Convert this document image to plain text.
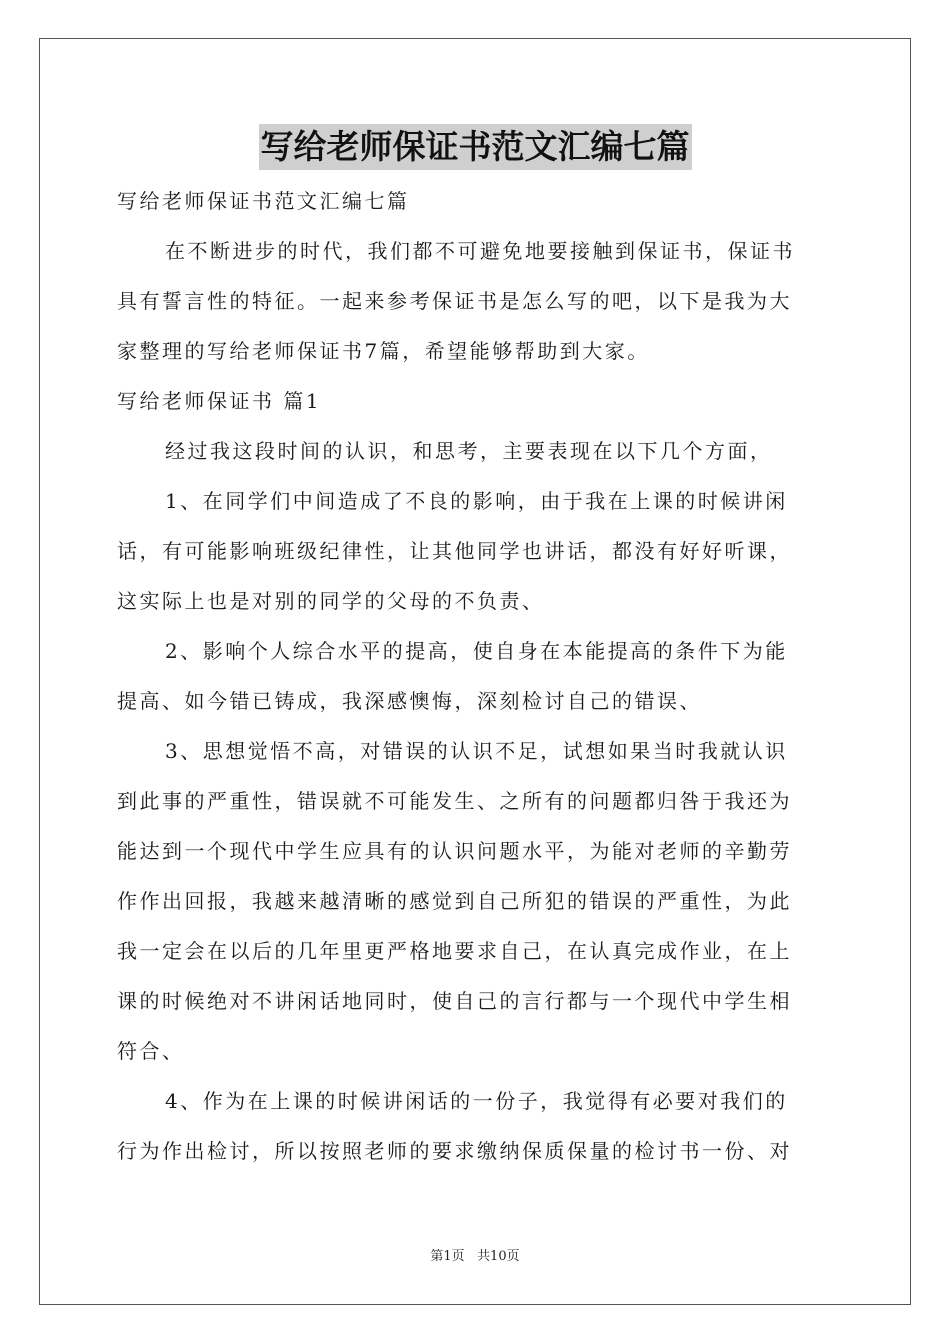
写给老师保证书范文汇编七篇
写给老师保证书范文汇编七篇
在不断进步的时代，我们都不可避免地要接触到保证书，保证书
具有誓言性的特征。一起来参考保证书是怎么写的吧，以下是我为大
家整理的写给老师保证书7篇，希望能够帮助到大家。
写给老师保证书 篇1
经过我这段时间的认识，和思考，主要表现在以下几个方面，
1、在同学们中间造成了不良的影响，由于我在上课的时候讲闲
话，有可能影响班级纪律性，让其他同学也讲话，都没有好好听课，
这实际上也是对别的同学的父母的不负责、
2、影响个人综合水平的提高，使自身在本能提高的条件下为能
提高、如今错已铸成，我深感懊悔，深刻检讨自己的错误、
3、思想觉悟不高，对错误的认识不足，试想如果当时我就认识
到此事的严重性，错误就不可能发生、之所有的问题都归咎于我还为
能达到一个现代中学生应具有的认识问题水平，为能对老师的辛勤劳
作作出回报，我越来越清晰的感觉到自己所犯的错误的严重性，为此
我一定会在以后的几年里更严格地要求自己，在认真完成作业，在上
课的时候绝对不讲闲话地同时，使自己的言行都与一个现代中学生相
符合、
4、作为在上课的时候讲闲话的一份子，我觉得有必要对我们的
行为作出检讨，所以按照老师的要求缴纳保质保量的检讨书一份、对
第1页   共10页
